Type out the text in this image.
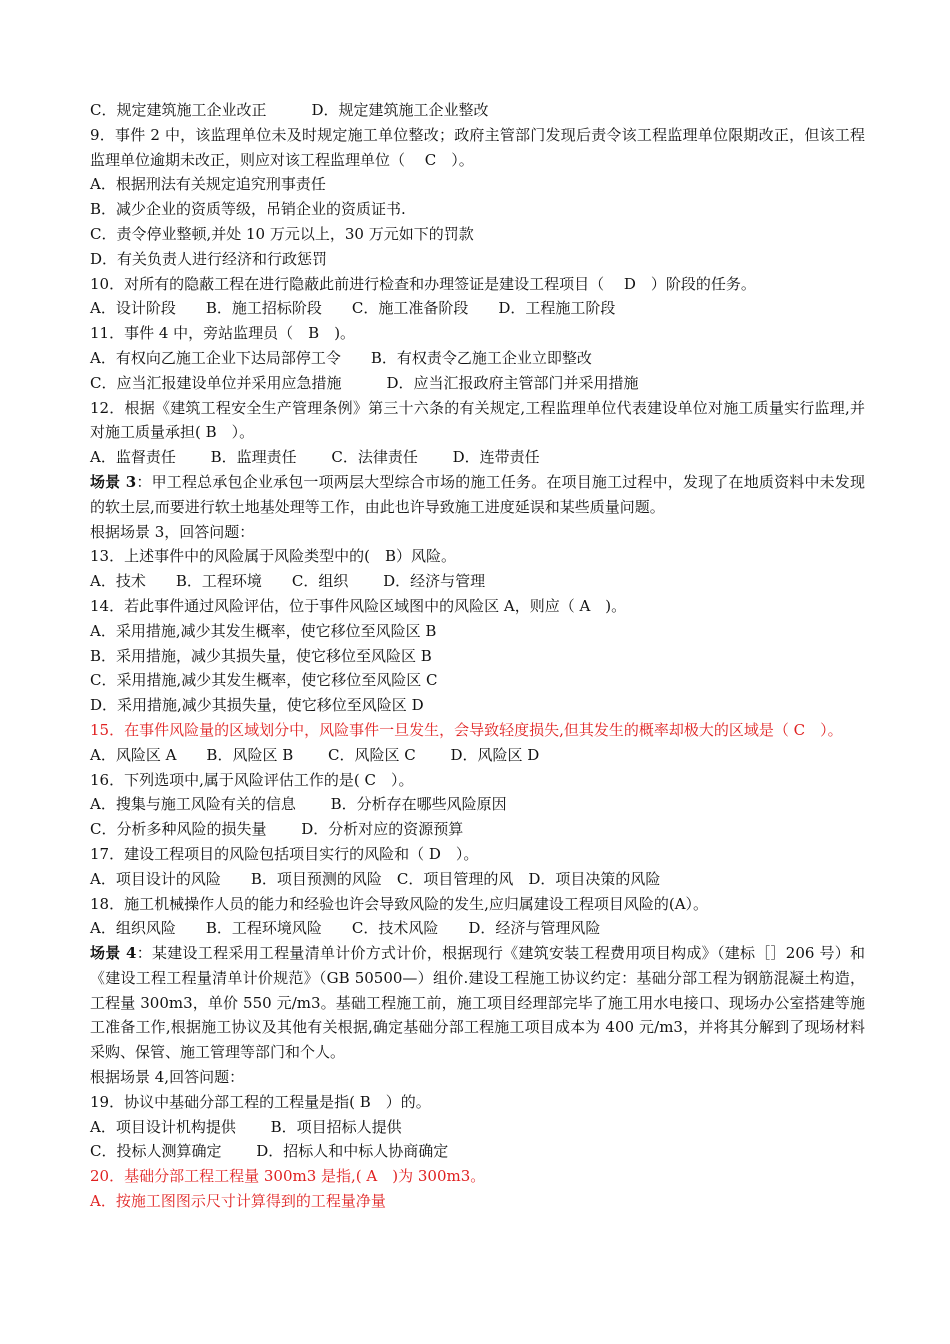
C．规定建筑施工企业改正　　　D．规定建筑施工企业整改
9．事件 2 中，该监理单位未及时规定施工单位整改；政府主管部门发现后责令该工程监理单位限期改正，但该工程监理单位逾期未改正，则应对该工程监理单位（　 C　）。
A．根据刑法有关规定追究刑事责任
B．减少企业的资质等级，吊销企业的资质证书.
C．责令停业整顿,并处 10 万元以上，30 万元如下的罚款
D．有关负责人进行经济和行政惩罚
10．对所有的隐蔽工程在进行隐蔽此前进行检查和办理签证是建设工程项目（　 D　）阶段的任务。
A．设计阶段　　B．施工招标阶段　　C．施工准备阶段　　D．工程施工阶段
11．事件 4 中，旁站监理员（　B　)。
A．有权向乙施工企业下达局部停工令　　B．有权责令乙施工企业立即整改
C．应当汇报建设单位并采用应急措施　　　D．应当汇报政府主管部门并采用措施
12．根据《建筑工程安全生产管理条例》第三十六条的有关规定,工程监理单位代表建设单位对施工质量实行监理,并对施工质量承担( B　）。
A．监督责任　　 B．监理责任　　 C．法律责任　　 D．连带责任
场景 3：甲工程总承包企业承包一项两层大型综合市场的施工任务。在项目施工过程中，发现了在地质资料中未发现的软土层,而要进行软土地基处理等工作，由此也许导致施工进度延误和某些质量问题。
根据场景 3，回答问题：
13．上述事件中的风险属于风险类型中的(　B）风险。
A．技术　　B．工程环境　　C．组织　　 D．经济与管理
14．若此事件通过风险评估，位于事件风险区域图中的风险区 A，则应（ A　)。
A．采用措施,减少其发生概率，使它移位至风险区 B
B．采用措施，减少其损失量，使它移位至风险区 B
C．采用措施,减少其发生概率，使它移位至风险区 C
D．采用措施,减少其损失量，使它移位至风险区 D
15．在事件风险量的区域划分中，风险事件一旦发生，会导致轻度损失,但其发生的概率却极大的区域是（ C　）。
A．风险区 A　　B．风险区 B　　 C．风险区 C　　 D．风险区 D
16．下列选项中,属于风险评估工作的是( C　）。
A．搜集与施工风险有关的信息　　 B．分析存在哪些风险原因
C．分析多种风险的损失量　　 D．分析对应的资源预算
17．建设工程项目的风险包括项目实行的风险和（ D　）。
A．项目设计的风险　　B．项目预测的风险　C．项目管理的风　D．项目决策的风险
18．施工机械操作人员的能力和经验也许会导致风险的发生,应归属建设工程项目风险的(A）。
A．组织风险　　B．工程环境风险　　C．技术风险　　D．经济与管理风险
场景 4：某建设工程采用工程量清单计价方式计价，根据现行《建筑安装工程费用项目构成》（建标［］206 号）和《建设工程工程量清单计价规范》（GB 50500—）组价.建设工程施工协议约定：基础分部工程为钢筋混凝土构造，工程量 300m3，单价 550 元/m3。基础工程施工前，施工项目经理部完毕了施工用水电接口、现场办公室搭建等施工准备工作,根据施工协议及其他有关根据,确定基础分部工程施工项目成本为 400 元/m3，并将其分解到了现场材料采购、保管、施工管理等部门和个人。
根据场景 4,回答问题：
19．协议中基础分部工程的工程量是指( B　）的。
A．项目设计机构提供　　 B．项目招标人提供
C．投标人测算确定　　 D．招标人和中标人协商确定
20．基础分部工程工程量 300m3 是指,( A　)为 300m3。
A．按施工图图示尺寸计算得到的工程量净量
